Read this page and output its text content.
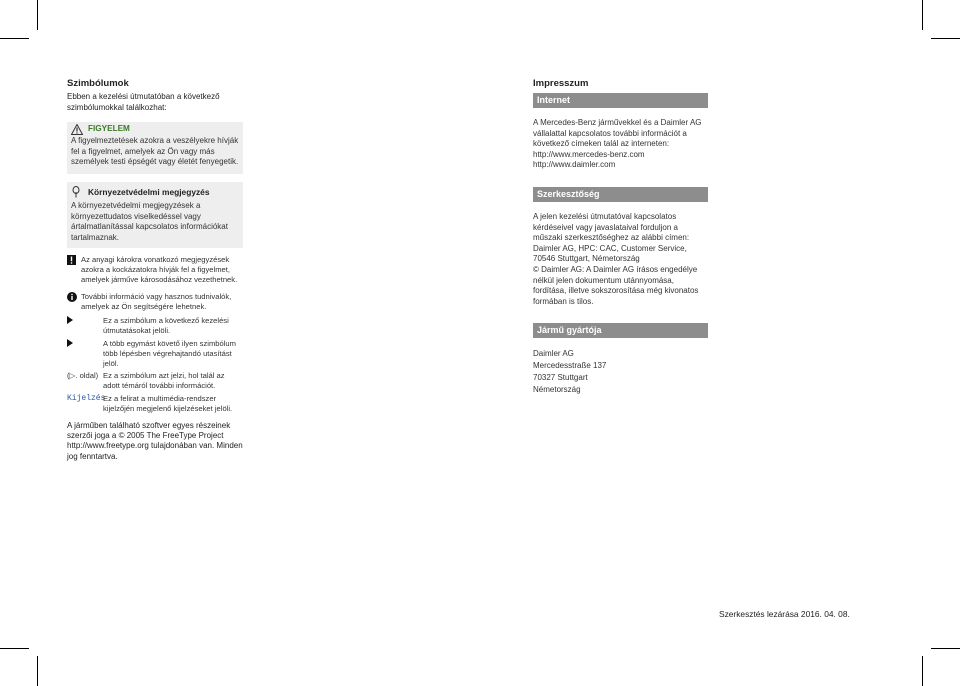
Szimbólumok

Ebben a kezelési útmutatóban a következő szimbólumokkal találkozhat:

FIGYELEM
A figyelmeztetések azokra a veszélyekre hívják fel a figyelmet, amelyek az Ön vagy más személyek testi épségét vagy életét fenyegetik.
Környezetvédelmi megjegyzés
A környezetvédelmi megjegyzések a környezettudatos viselkedéssel vagy ártalmatlanítással kapcsolatos információkat tartalmaznak.
Az anyagi károkra vonatkozó megjegyzések azokra a kockázatokra hívják fel a figyelmet, amelyek járműve károsodásához vezethetnek.
További információ vagy hasznos tudnivalók, amelyek az Ön segítségére lehetnek.
Ez a szimbólum a következő kezelési útmutatásokat jelöli.
A több egymást követő ilyen szimbólum több lépésben végrehajtandó utasítást jelöl.
(▷. oldal) Ez a szimbólum azt jelzi, hol talál az adott témáról további információt.
Kijelzés
Ez a felirat a multimédia-rendszer kijelzőjén megjelenő kijelzéseket jelöli.

A járműben található szoftver egyes részeinek szerzői joga a © 2005 The FreeType Project http://www.freetype.org tulajdonában van. Minden jog fenntartva.

Impresszum
Internet
A Mercedes-Benz járművekkel és a Daimler AG vállalattal kapcsolatos további információt a következő címeken talál az interneten:
http://www.mercedes-benz.com
http://www.daimler.com
Szerkesztőség
A jelen kezelési útmutatóval kapcsolatos kérdéseivel vagy javaslataival forduljon a műszaki szerkesztőséghez az alábbi címen:
Daimler AG, HPC: CAC, Customer Service, 70546 Stuttgart, Németország
© Daimler AG: A Daimler AG írásos engedélye nélkül jelen dokumentum utánnyomása, fordítása, illetve sokszorosítása még kivonatos formában is tilos.
Jármű gyártója
Daimler AG
Mercedesstraße 137
70327 Stuttgart
Németország
Szerkesztés lezárása 2016. 04. 08.
